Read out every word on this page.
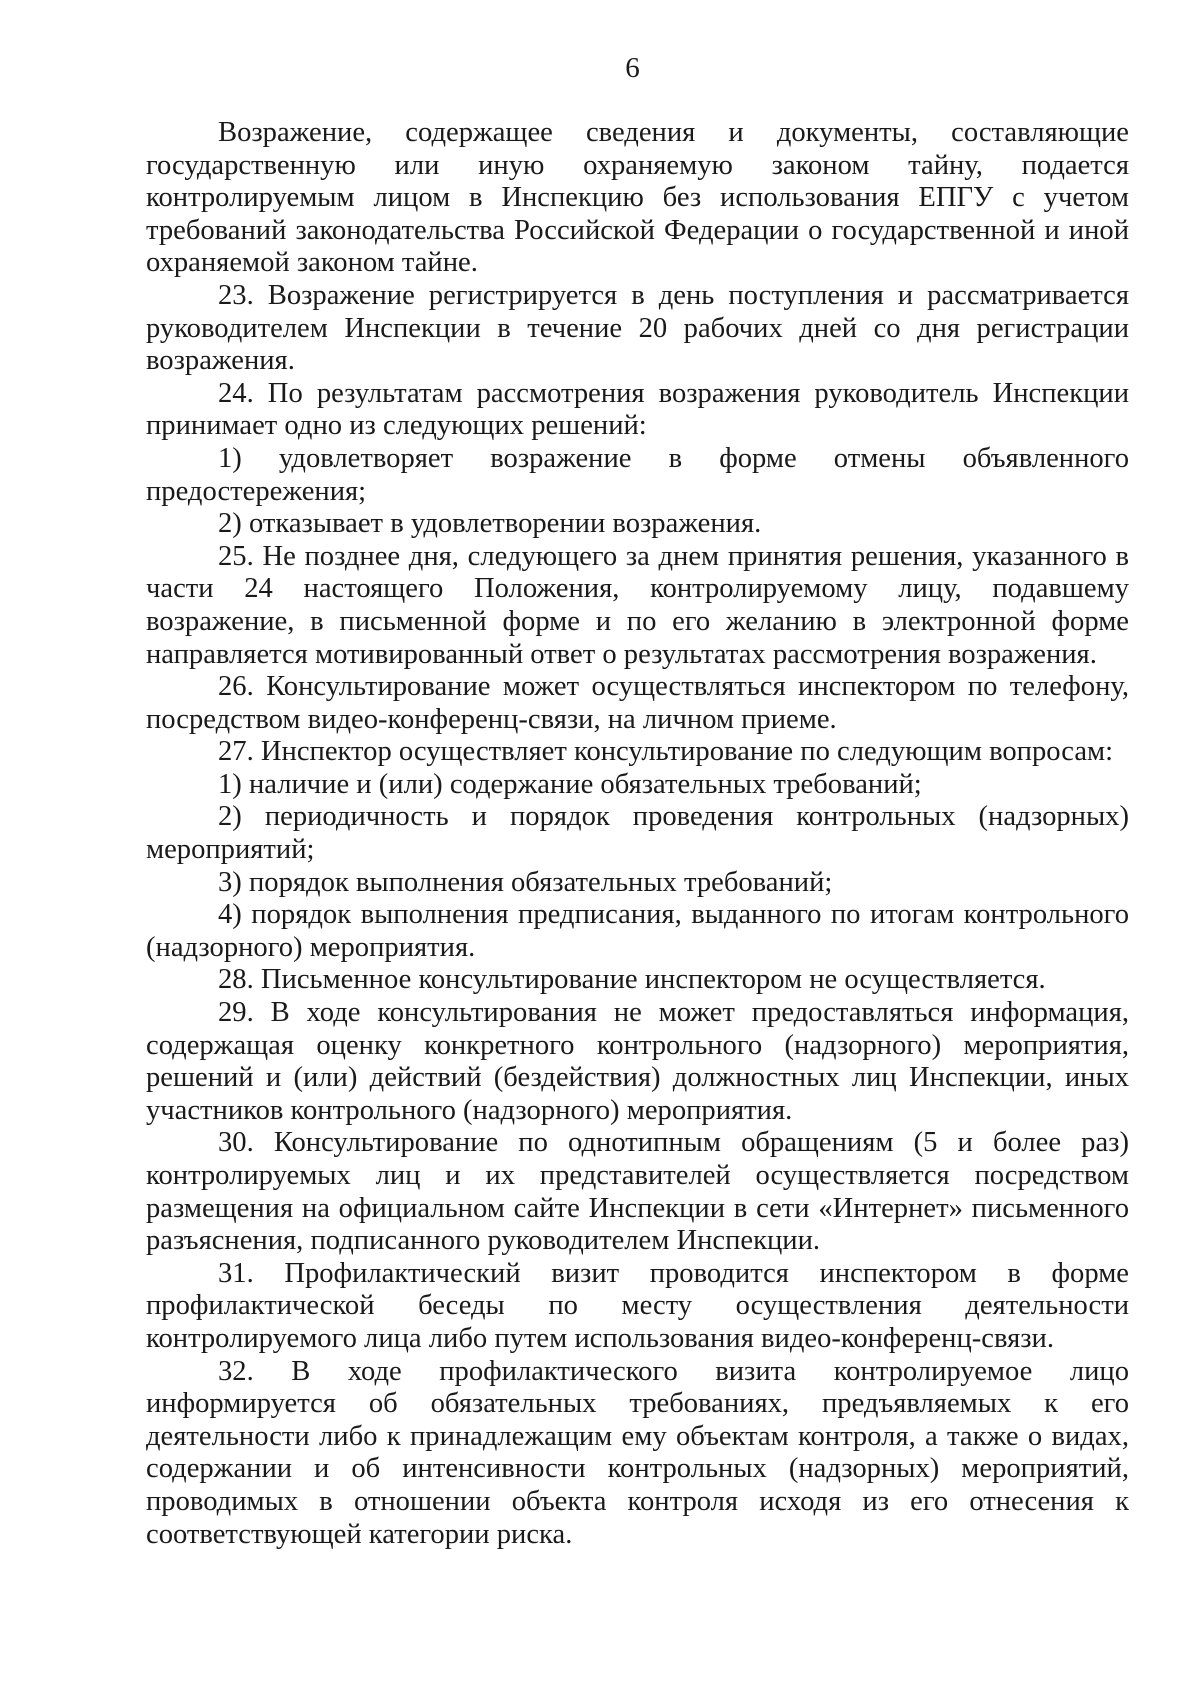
6

Возражение, содержащее сведения и документы, составляющие государственную или иную охраняемую законом тайну, подается контролируемым лицом в Инспекцию без использования ЕПГУ с учетом требований законодательства Российской Федерации о государственной и иной охраняемой законом тайне.

23. Возражение регистрируется в день поступления и рассматривается руководителем Инспекции в течение 20 рабочих дней со дня регистрации возражения.

24. По результатам рассмотрения возражения руководитель Инспекции принимает одно из следующих решений:

1) удовлетворяет возражение в форме отмены объявленного предостережения;

2) отказывает в удовлетворении возражения.

25. Не позднее дня, следующего за днем принятия решения, указанного в части 24 настоящего Положения, контролируемому лицу, подавшему возражение, в письменной форме и по его желанию в электронной форме направляется мотивированный ответ о результатах рассмотрения возражения.

26. Консультирование может осуществляться инспектором по телефону, посредством видео-конференц-связи, на личном приеме.

27. Инспектор осуществляет консультирование по следующим вопросам:

1) наличие и (или) содержание обязательных требований;

2) периодичность и порядок проведения контрольных (надзорных) мероприятий;

3) порядок выполнения обязательных требований;

4) порядок выполнения предписания, выданного по итогам контрольного (надзорного) мероприятия.

28. Письменное консультирование инспектором не осуществляется.

29. В ходе консультирования не может предоставляться информация, содержащая оценку конкретного контрольного (надзорного) мероприятия, решений и (или) действий (бездействия) должностных лиц Инспекции, иных участников контрольного (надзорного) мероприятия.

30. Консультирование по однотипным обращениям (5 и более раз) контролируемых лиц и их представителей осуществляется посредством размещения на официальном сайте Инспекции в сети «Интернет» письменного разъяснения, подписанного руководителем Инспекции.

31. Профилактический визит проводится инспектором в форме профилактической беседы по месту осуществления деятельности контролируемого лица либо путем использования видео-конференц-связи.

32. В ходе профилактического визита контролируемое лицо информируется об обязательных требованиях, предъявляемых к его деятельности либо к принадлежащим ему объектам контроля, а также о видах, содержании и об интенсивности контрольных (надзорных) мероприятий, проводимых в отношении объекта контроля исходя из его отнесения к соответствующей категории риска.
